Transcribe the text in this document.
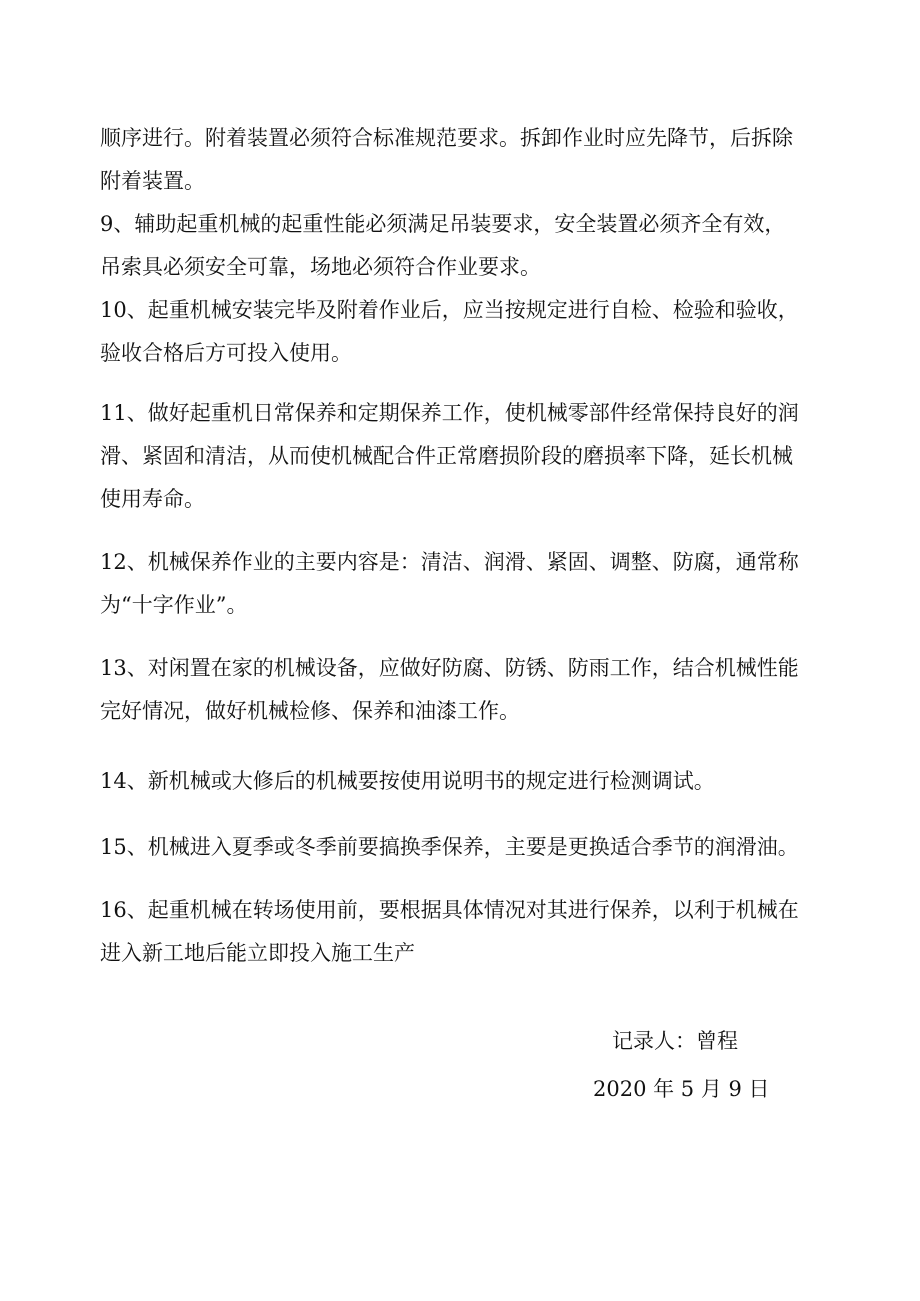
顺序进行。附着装置必须符合标准规范要求。拆卸作业时应先降节，后拆除
附着装置。
9、辅助起重机械的起重性能必须满足吊装要求，安全装置必须齐全有效，
吊索具必须安全可靠，场地必须符合作业要求。
10、起重机械安装完毕及附着作业后，应当按规定进行自检、检验和验收，
验收合格后方可投入使用。
11、做好起重机日常保养和定期保养工作，使机械零部件经常保持良好的润
滑、紧固和清洁，从而使机械配合件正常磨损阶段的磨损率下降，延长机械
使用寿命。
12、机械保养作业的主要内容是：清洁、润滑、紧固、调整、防腐，通常称
为“十字作业”。
13、对闲置在家的机械设备，应做好防腐、防锈、防雨工作，结合机械性能
完好情况，做好机械检修、保养和油漆工作。
14、新机械或大修后的机械要按使用说明书的规定进行检测调试。
15、机械进入夏季或冬季前要搞换季保养，主要是更换适合季节的润滑油。
16、起重机械在转场使用前，要根据具体情况对其进行保养，以利于机械在
进入新工地后能立即投入施工生产
记录人：曾程
2020 年 5 月 9 日
